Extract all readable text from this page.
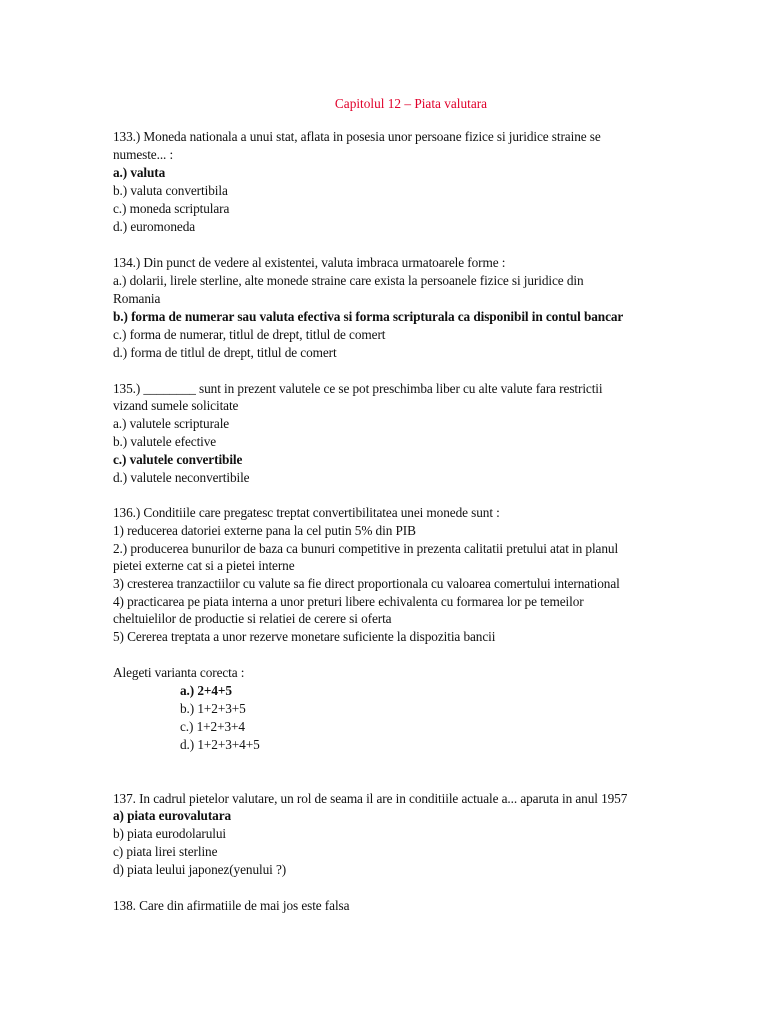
Capitolul 12 – Piata valutara
133.) Moneda nationala a unui stat, aflata in posesia unor persoane fizice si juridice straine se
numeste... :
a.) valuta
b.) valuta convertibila
c.) moneda scriptulara
d.) euromoneda
134.) Din punct de vedere al existentei, valuta imbraca urmatoarele forme :
a.) dolarii, lirele sterline, alte monede straine care exista la persoanele fizice si juridice din
Romania
b.) forma de numerar sau valuta efectiva si forma scripturala ca disponibil in contul bancar
c.) forma de numerar, titlul de drept, titlul de comert
d.) forma de titlul de drept, titlul de comert
135.) ________ sunt in prezent valutele ce se pot preschimba liber cu alte valute fara restrictii
vizand sumele solicitate
a.) valutele scripturale
b.) valutele efective
c.) valutele convertibile
d.) valutele neconvertibile
136.) Conditiile care pregatesc treptat convertibilitatea unei monede sunt :
1) reducerea datoriei externe pana la cel putin 5% din PIB
2.) producerea bunurilor de baza ca bunuri competitive in prezenta calitatii pretului atat in planul
pietei externe cat si a pietei interne
3) cresterea tranzactiilor cu valute sa fie direct proportionala cu valoarea comertului international
4) practicarea pe piata interna a unor preturi libere echivalenta cu formarea lor pe temeilor
cheltuielilor de productie si relatiei de cerere si oferta
5) Cererea treptata a unor rezerve monetare suficiente la dispozitia bancii
Alegeti varianta corecta :
a.) 2+4+5
b.) 1+2+3+5
c.) 1+2+3+4
d.) 1+2+3+4+5
137. In cadrul pietelor valutare, un rol de seama il are in conditiile actuale a... aparuta in anul 1957
a) piata eurovalutara
b) piata eurodolarului
c) piata lirei sterline
d) piata leului japonez(yenului ?)
138. Care din afirmatiile de mai jos este falsa
